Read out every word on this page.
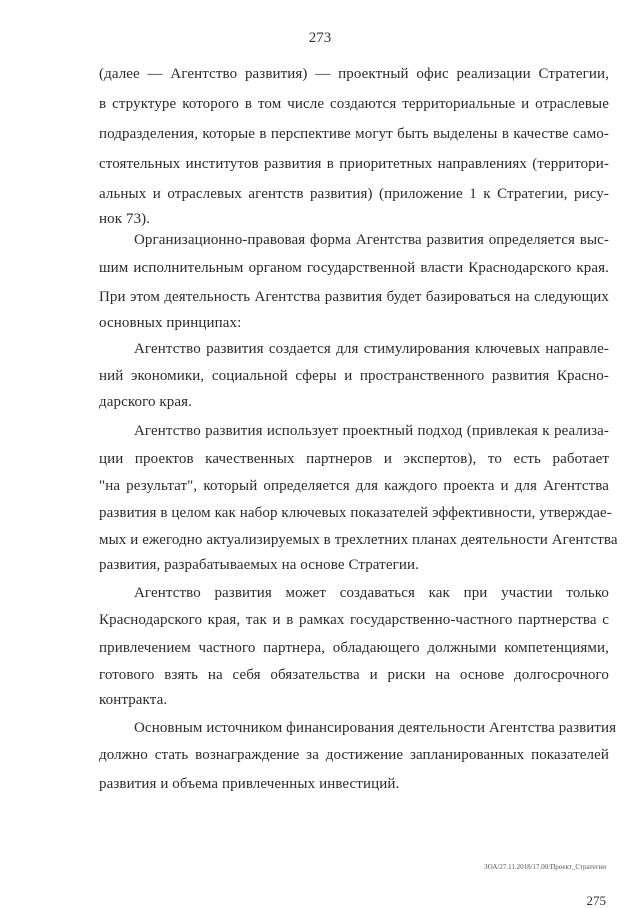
273
(далее — Агентство развития) — проектный офис реализации Стратегии,
в структуре которого в том числе создаются территориальные и отраслевые
подразделения, которые в перспективе могут быть выделены в качестве само-
стоятельных институтов развития в приоритетных направлениях (территори-
альных и отраслевых агентств развития) (приложение 1 к Стратегии, рису-
нок 73).
Организационно-правовая форма Агентства развития определяется выс-
шим исполнительным органом государственной власти Краснодарского края.
При этом деятельность Агентства развития будет базироваться на следующих
основных принципах:
Агентство развития создается для стимулирования ключевых направле-
ний экономики, социальной сферы и пространственного развития Красно-
дарского края.
Агентство развития использует проектный подход (привлекая к реализа-
ции проектов качественных партнеров и экспертов), то есть работает
"на результат", который определяется для каждого проекта и для Агентства
развития в целом как набор ключевых показателей эффективности, утверждае-
мых и ежегодно актуализируемых в трехлетних планах деятельности Агентства
развития, разрабатываемых на основе Стратегии.
Агентство развития может создаваться как при участии только
Краснодарского края, так и в рамках государственно-частного партнерства с
привлечением частного партнера, обладающего должными компетенциями,
готового взять на себя обязательства и риски на основе долгосрочного
контракта.
Основным источником финансирования деятельности Агентства развития
должно стать вознаграждение за достижение запланированных показателей
развития и объема привлеченных инвестиций.
ЗОА/27.11.2018/17.00/Проект_Стратегии
275
